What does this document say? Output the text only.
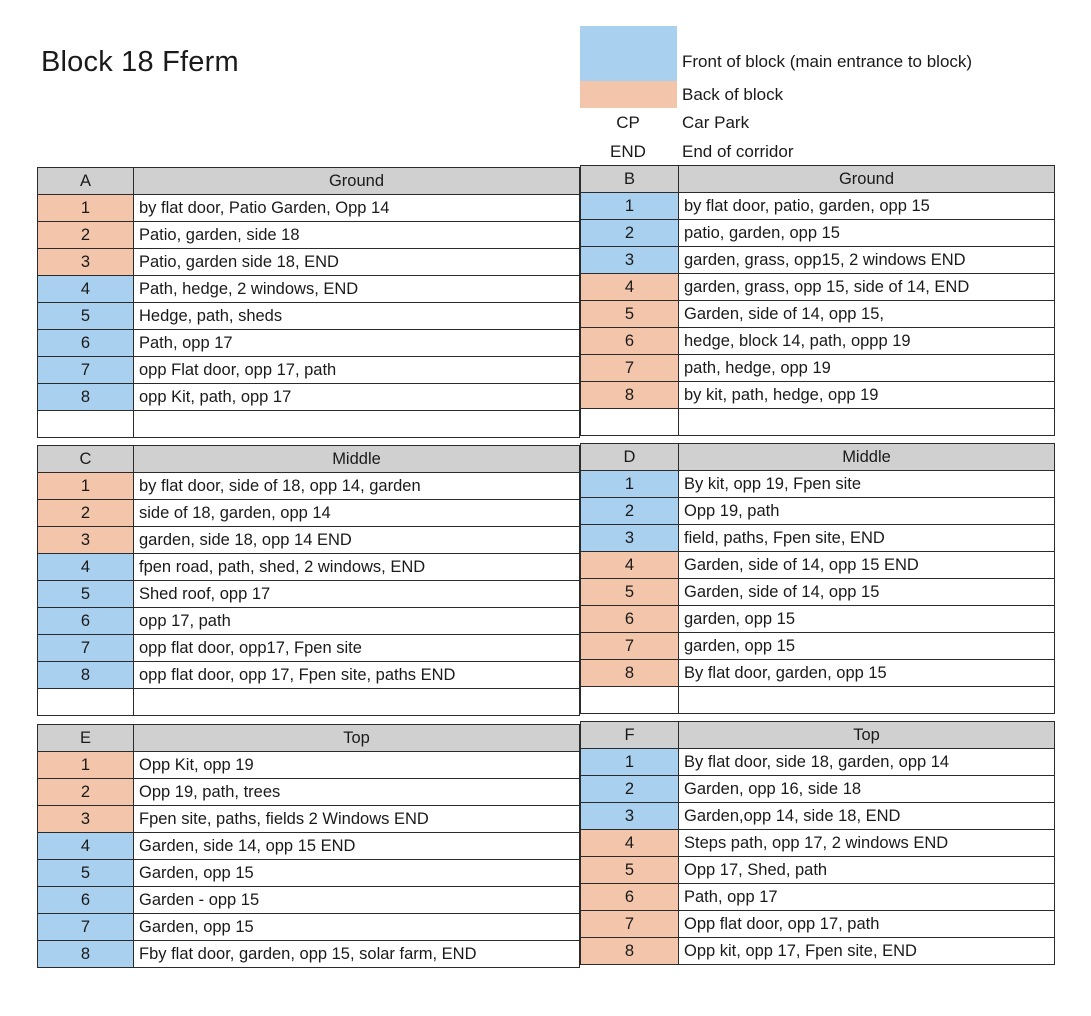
Block 18 Fferm	Front of block (main entrance to block)
Back of block
CP	Car Park
END	End of corridor
A	Ground
1	by flat door, Patio Garden, Opp 14
2	Patio, garden, side 18
3	Patio, garden side 18, END
4	Path, hedge, 2 windows, END
5	Hedge, path, sheds
6	Path, opp 17
7	opp Flat door, opp 17, path
8	opp Kit, path, opp 17

B	Ground
1	by flat door, patio, garden, opp 15
2	patio, garden, opp 15
3	garden, grass, opp15, 2 windows END
4	garden, grass, opp 15, side of 14, END
5	Garden, side of 14, opp 15,
6	hedge, block 14, path, oppp 19
7	path, hedge, opp 19
8	by kit, path, hedge, opp 19

C	Middle
1	by flat door, side of 18, opp 14, garden
2	side of 18, garden, opp 14
3	garden, side 18, opp 14 END
4	fpen road, path, shed, 2 windows, END
5	Shed roof, opp 17
6	opp 17, path
7	opp flat door, opp17, Fpen site
8	opp flat door, opp 17, Fpen site, paths END

D	Middle
1	By kit, opp 19, Fpen site
2	Opp 19, path
3	field, paths, Fpen site, END
4	Garden, side of 14, opp 15 END
5	Garden, side of 14, opp 15
6	garden, opp 15
7	garden, opp 15
8	By flat door, garden, opp 15

E	Top
1	Opp Kit, opp 19
2	Opp 19, path, trees
3	Fpen site, paths, fields 2 Windows END
4	Garden, side 14, opp 15 END
5	Garden, opp 15
6	Garden - opp 15
7	Garden, opp 15
8	Fby flat door, garden, opp 15, solar farm, END
F	Top
1	By flat door, side 18, garden, opp 14
2	Garden, opp 16, side 18
3	Garden,opp 14, side 18, END
4	Steps path, opp 17, 2 windows END
5	Opp 17, Shed, path
6	Path, opp 17
7	Opp flat door, opp 17, path
8	Opp kit, opp 17, Fpen site, END
